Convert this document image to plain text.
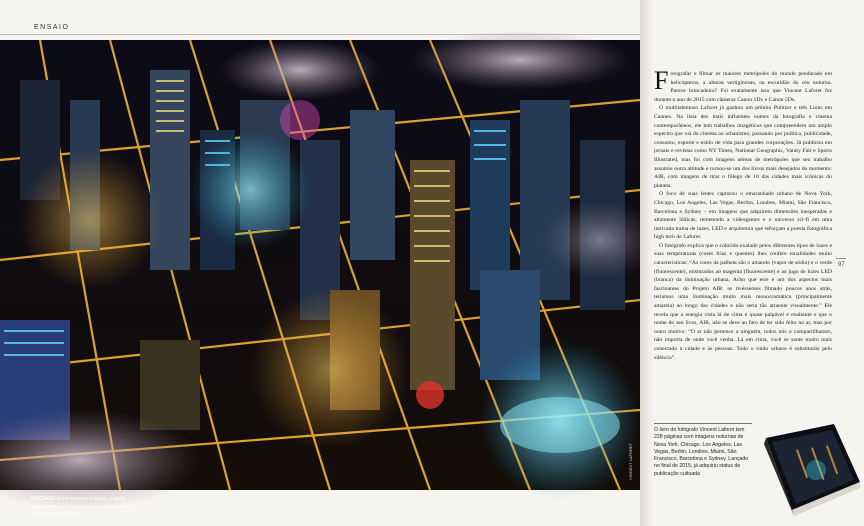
ENSAIO
CHICAGO Entre nuvens e luzes, o perfil arquitetônico da cidade parece saído de um filme interplanetário
VINCENT LAFORET

Fotografar e filmar as maiores metrópoles do mundo pendurado em helicópteros, a alturas vertiginosas, na escuridão do céu noturno. Parece brincadeira? Foi exatamente isso que Vincent Laforet fez durante o ano de 2015 com câmeras Canon 1Dx e Canon 5Ds.

O multitalentoso Laforet já ganhou um prêmio Pulitzer e três Lions em Cannes. Na lista dos mais influentes nomes da fotografia e cinema contemporâneos, ele tem trabalhos imagéticos que compreendem um amplo espectro que vai do cinema ao urbanismo, passando por política, publicidade, consumo, esporte e estilo de vida para grandes corporações. Já publicou em jornais e revistas como NY Times, National Geographic, Vanity Fair e Sports Illustrated, mas foi com imagens aéreas de metrópoles que seu trabalho assumiu outra altitude e tornou-se um dos livros mais desejados do momento: AIR, com imagens de tirar o fôlego de 10 das cidades mais icônicas do planeta.

O foco de suas lentes capturou o emaranhado urbano de Nova York, Chicago, Los Angeles, Las Vegas, Berlim, Londres, Miami, São Francisco, Barcelona e Sydney – em imagens que adquirem dimensões inesperadas e altamente lúdicas, remetendo a videogames e o universo sci-fi em uma intricada trama de luzes, LED e arquitetura que reforçam a poesia fotográfica high tech de Laforet.

O fotógrafo explica que o colorido exalado pelos diferentes tipos de luzes e suas temperaturas (cores frias e quentes) lhes confere tonalidades muito características: “As cores da palheta são o amarelo (vapor de sódio) e o verde (fluorescente), misturados ao magenta (fluorescente) e ao jogo de luzes LED (branca) da iluminação urbana. Acho que este é um dos aspectos mais fascinantes do Projeto AIR: se tivéssemos filmado poucos anos atrás, teríamos uma iluminação muito mais monocromática (principalmente amarela) ao longo das cidades e não seria tão atraente visualmente.” Ele revela que a energia vista lá de cima é quase palpável e exaltante e que o nome do seu livro, AIR, não se deve ao fato de ter sido feito no ar, mas por outro motivo: “O ar não pertence a ninguém, todos nós o compartilhamos, não importa de onde você venha. Lá em cima, você se sente muito mais conectado à cidade e às pessoas. Todo o ruído urbano é substituído pelo silêncio”.

97
O livro do fotógrafo Vincent Laforet tem 228 páginas com imagens noturnas de Nova York, Chicago, Los Angeles, Las Vegas, Berlim, Londres, Miami, São Francisco, Barcelona e Sydney. Lançado no final de 2015, já adquiriu status de publicação cultuada
